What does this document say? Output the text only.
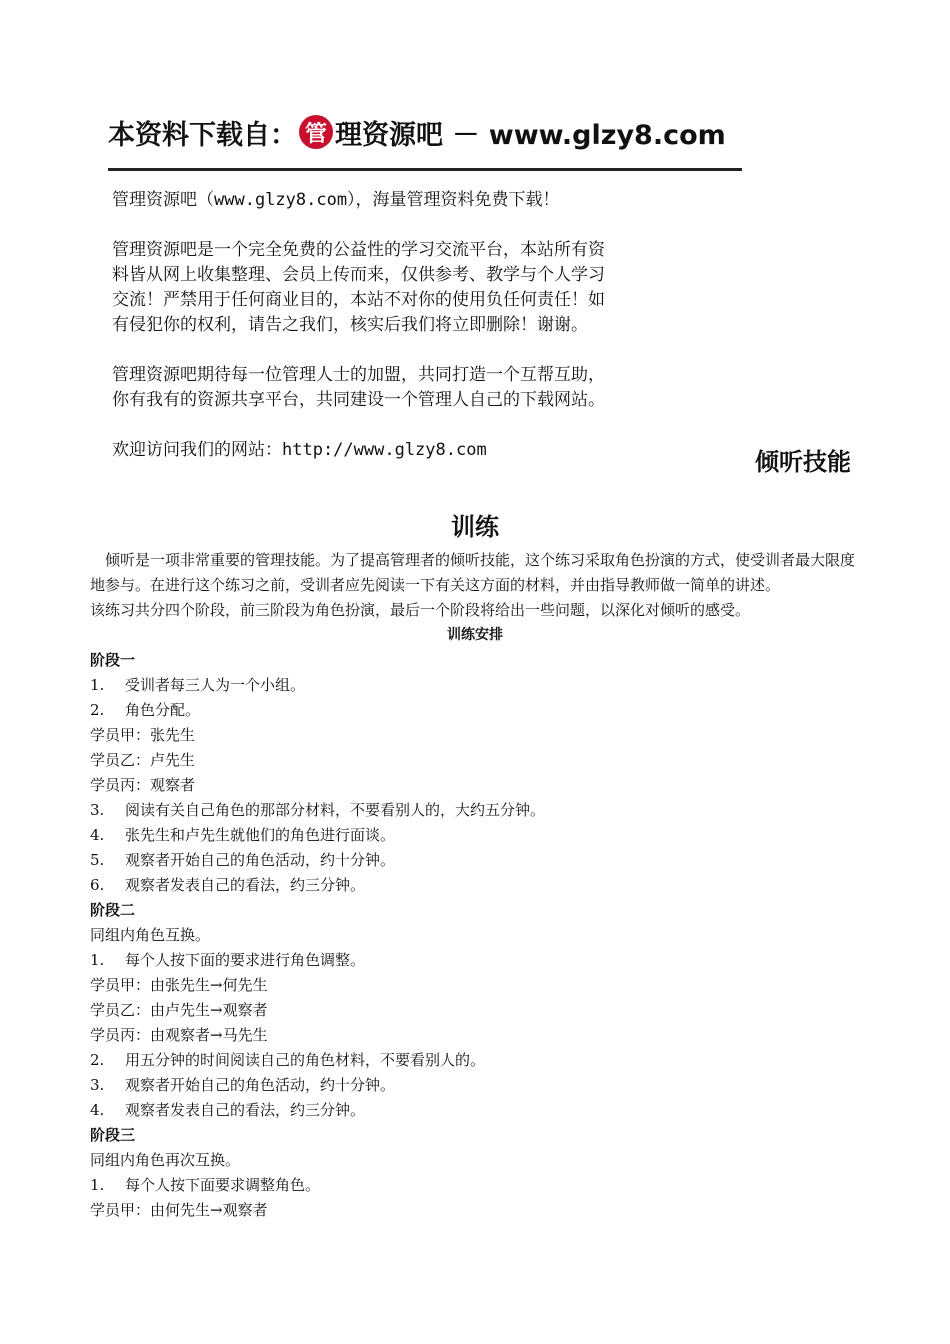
本资料下载自： 管 理资源吧 － www.glzy8.com

管理资源吧（www.glzy8.com），海量管理资料免费下载！

管理资源吧是一个完全免费的公益性的学习交流平台，本站所有资
料皆从网上收集整理、会员上传而来，仅供参考、教学与个人学习
交流！严禁用于任何商业目的，本站不对你的使用负任何责任！如
有侵犯你的权利，请告之我们，核实后我们将立即删除！谢谢。

管理资源吧期待每一位管理人士的加盟，共同打造一个互帮互助，
你有我有的资源共享平台，共同建设一个管理人自己的下载网站。

欢迎访问我们的网站：http://www.glzy8.com	倾听技能
训练

倾听是一项非常重要的管理技能。为了提高管理者的倾听技能，这个练习采取角色扮演的方式，使受训者最大限度地参与。在进行这个练习之前，受训者应先阅读一下有关这方面的材料，并由指导教师做一简单的讲述。

该练习共分四个阶段，前三阶段为角色扮演，最后一个阶段将给出一些问题，以深化对倾听的感受。

训练安排

阶段一

1. 受训者每三人为一个小组。

2. 角色分配。

学员甲：张先生

学员乙：卢先生

学员丙：观察者

3. 阅读有关自己角色的那部分材料，不要看别人的，大约五分钟。

4. 张先生和卢先生就他们的角色进行面谈。

5. 观察者开始自己的角色活动，约十分钟。

6. 观察者发表自己的看法，约三分钟。

阶段二

同组内角色互换。

1. 每个人按下面的要求进行角色调整。

学员甲：由张先生→何先生

学员乙：由卢先生→观察者

学员丙：由观察者→马先生

2. 用五分钟的时间阅读自己的角色材料，不要看别人的。

3. 观察者开始自己的角色活动，约十分钟。

4. 观察者发表自己的看法，约三分钟。

阶段三

同组内角色再次互换。

1. 每个人按下面要求调整角色。

学员甲：由何先生→观察者
